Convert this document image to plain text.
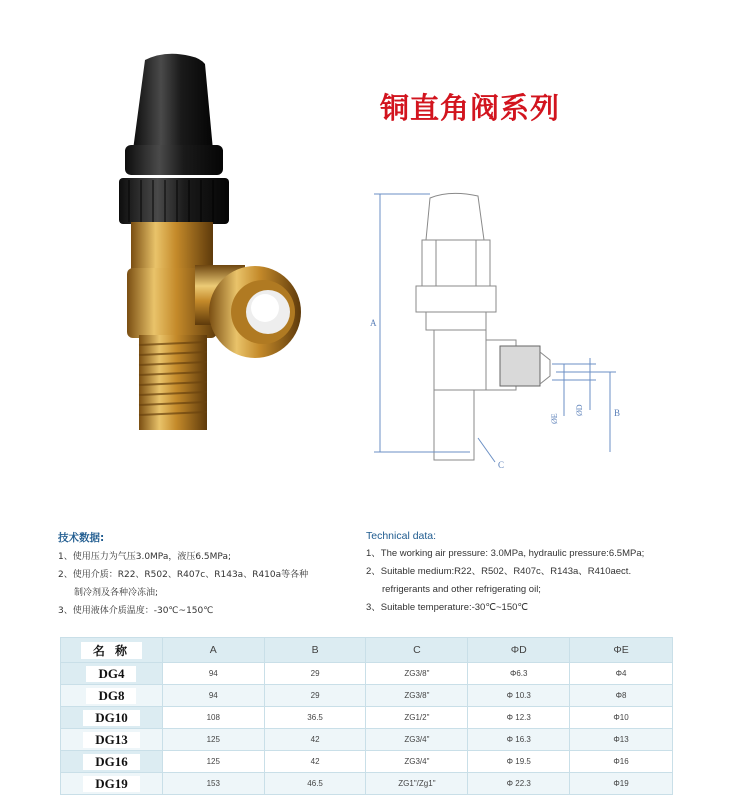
铜直角阀系列
A
B
C
ØD
ØE
技术数据:
1、使用压力为气压3.0MPa，液压6.5MPa;
2、使用介质：R22、R502、R407c、R143a、R410a等各种
制冷剂及各种冷冻油;
3、使用液体介质温度：-30℃~150℃
Technical data:
1、The working air pressure: 3.0MPa, hydraulic pressure:6.5MPa;
2、Suitable medium:R22、R502、R407c、R143a、R410aect.
refrigerants and other refrigerating oil;
3、Suitable temperature:-30℃~150℃
名 称	A	B	C	ΦD	ΦE
DG4	94	29	ZG3/8"	Φ6.3	Φ4
DG8	94	29	ZG3/8"	Φ 10.3	Φ8
DG10	108	36.5	ZG1/2"	Φ 12.3	Φ10
DG13	125	42	ZG3/4"	Φ 16.3	Φ13
DG16	125	42	ZG3/4"	Φ 19.5	Φ16
DG19	153	46.5	ZG1"/Zg1"	Φ 22.3	Φ19
